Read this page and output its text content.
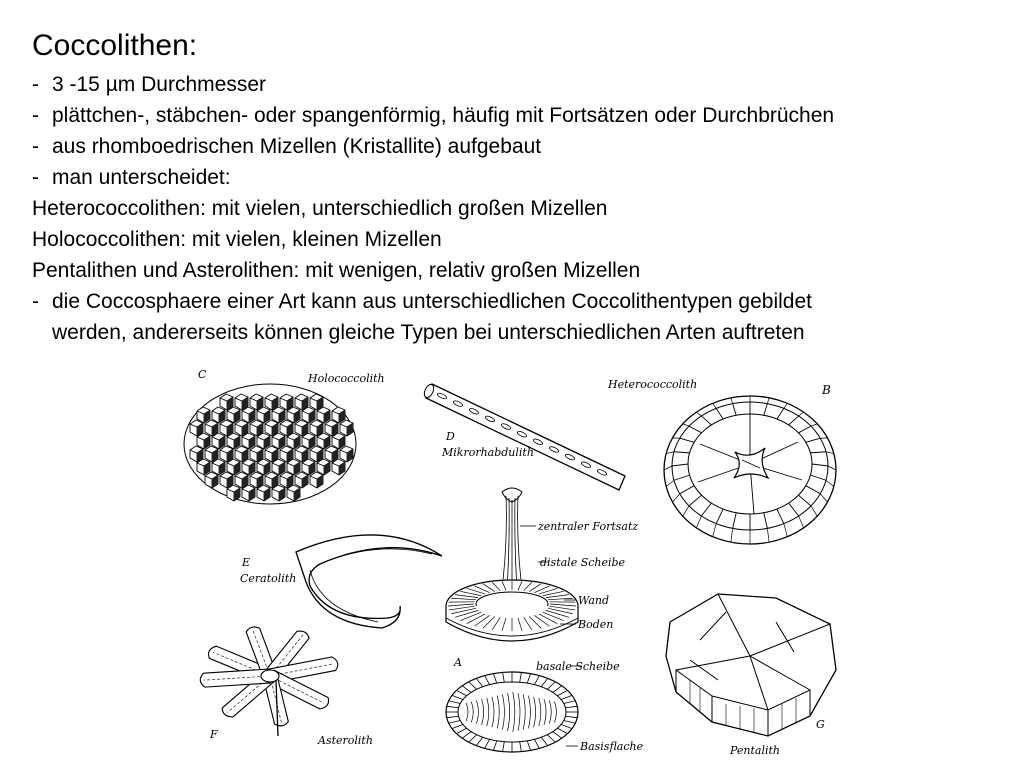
Coccolithen:
- 3 -15 µm Durchmesser
- plättchen-, stäbchen- oder spangenförmig, häufig mit Fortsätzen oder Durchbrüchen
- aus rhomboedrischen Mizellen (Kristallite) aufgebaut
- man unterscheidet:
Heterococcolithen: mit vielen, unterschiedlich großen Mizellen
Holococcolithen: mit vielen, kleinen Mizellen
Pentalithen und Asterolithen: mit wenigen, relativ großen Mizellen
- die Coccosphaere einer Art kann aus unterschiedlichen Coccolithentypen gebildet
werden, andererseits können gleiche Typen bei unterschiedlichen Arten auftreten
C	Holococcolith
D
Mikrorhabdulith
Heterococcolith	B
E
Ceratolith
zentraler Fortsatz
distale Scheibe
Wand
Boden
A	basale Scheibe
Basisflache
F	Asterolith
G
Pentalith
